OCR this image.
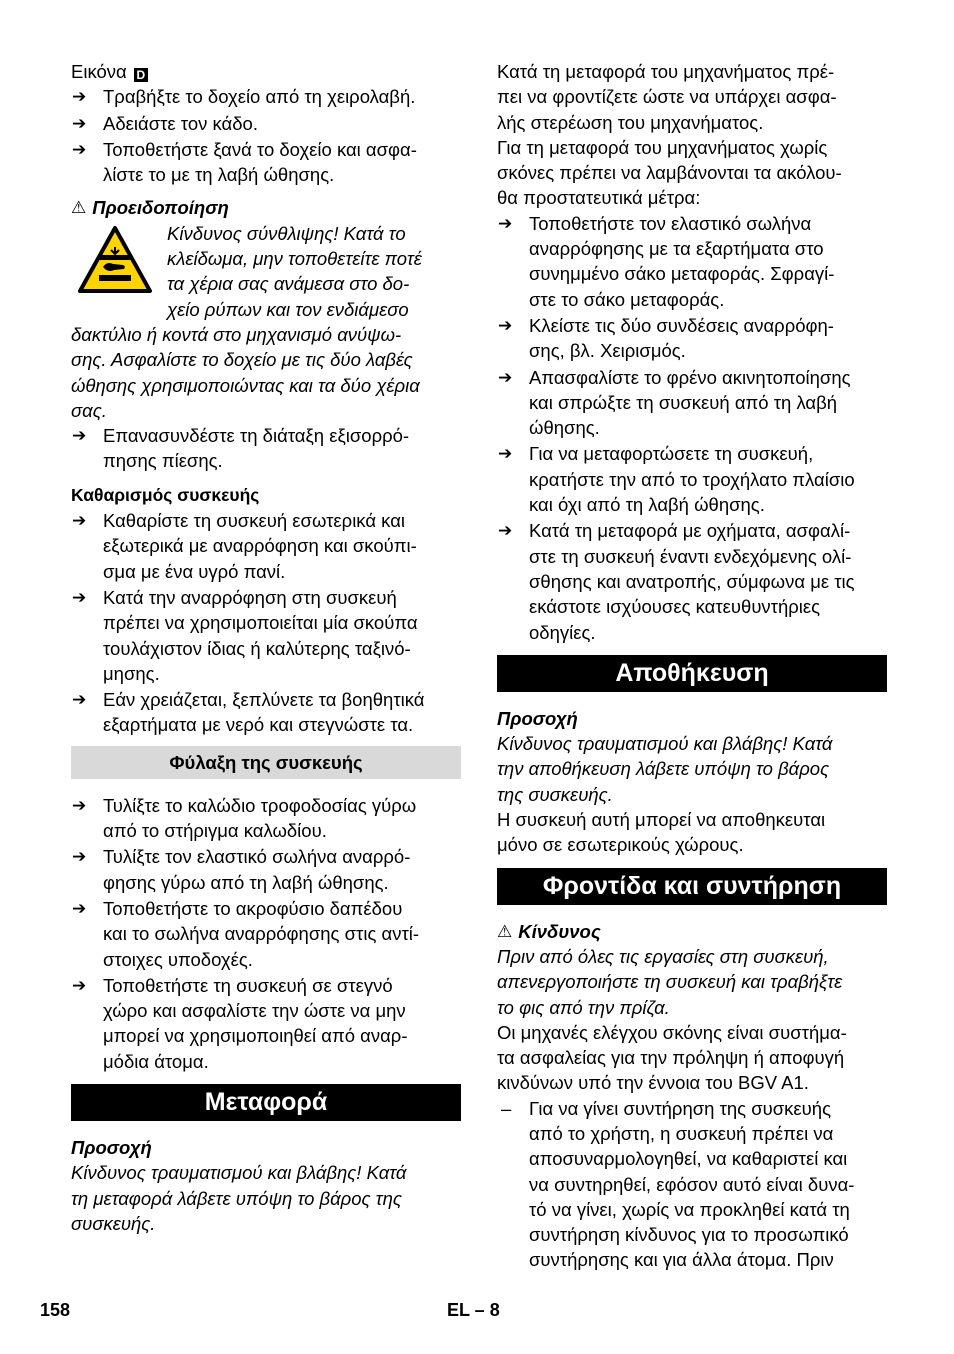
Εικόνα D

➔ Τραβήξτε το δοχείο από τη χειρολαβή.
➔ Αδειάστε τον κάδο.
➔ Τοποθετήστε ξανά το δοχείο και ασφα-
λίστε το με τη λαβή ώθησης.
⚠ Προειδοποίηση
Κίνδυνος σύνθλιψης! Κατά το
κλείδωμα, μην τοποθετείτε ποτέ
τα χέρια σας ανάμεσα στο δο-
χείο ρύπων και τον ενδιάμεσο
δακτύλιο ή κοντά στο μηχανισμό ανύψω-
σης. Ασφαλίστε το δοχείο με τις δύο λαβές
ώθησης χρησιμοποιώντας και τα δύο χέρια
σας.
➔ Επανασυνδέστε τη διάταξη εξισορρό-
πησης πίεσης.

Καθαρισμός συσκευής

➔ Καθαρίστε τη συσκευή εσωτερικά και
εξωτερικά με αναρρόφηση και σκούπι-
σμα με ένα υγρό πανί.
➔ Κατά την αναρρόφηση στη συσκευή
πρέπει να χρησιμοποιείται μία σκούπα
τουλάχιστον ίδιας ή καλύτερης ταξινό-
μησης.
➔ Εάν χρειάζεται, ξεπλύνετε τα βοηθητικά
εξαρτήματα με νερό και στεγνώστε τα.
Φύλαξη της συσκευής
➔ Τυλίξτε το καλώδιο τροφοδοσίας γύρω
από το στήριγμα καλωδίου.
➔ Τυλίξτε τον ελαστικό σωλήνα αναρρό-
φησης γύρω από τη λαβή ώθησης.
➔ Τοποθετήστε το ακροφύσιο δαπέδου
και το σωλήνα αναρρόφησης στις αντί-
στοιχες υποδοχές.
➔ Τοποθετήστε τη συσκευή σε στεγνό
χώρο και ασφαλίστε την ώστε να μην
μπορεί να χρησιμοποιηθεί από αναρ-
μόδια άτομα.
Μεταφορά

Προσοχή

Κίνδυνος τραυματισμού και βλάβης! Κατά
τη μεταφορά λάβετε υπόψη το βάρος της
συσκευής.
Κατά τη μεταφορά του μηχανήματος πρέ-
πει να φροντίζετε ώστε να υπάρχει ασφα-
λής στερέωση του μηχανήματος.
Για τη μεταφορά του μηχανήματος χωρίς
σκόνες πρέπει να λαμβάνονται τα ακόλου-
θα προστατευτικά μέτρα:
➔ Τοποθετήστε τον ελαστικό σωλήνα
αναρρόφησης με τα εξαρτήματα στο
συνημμένο σάκο μεταφοράς. Σφραγί-
στε το σάκο μεταφοράς.
➔ Κλείστε τις δύο συνδέσεις αναρρόφη-
σης, βλ. Χειρισμός.
➔ Απασφαλίστε το φρένο ακινητοποίησης
και σπρώξτε τη συσκευή από τη λαβή
ώθησης.
➔ Για να μεταφορτώσετε τη συσκευή,
κρατήστε την από το τροχήλατο πλαίσιο
και όχι από τη λαβή ώθησης.
➔ Κατά τη μεταφορά με οχήματα, ασφαλί-
στε τη συσκευή έναντι ενδεχόμενης ολί-
σθησης και ανατροπής, σύμφωνα με τις
εκάστοτε ισχύουσες κατευθυντήριες
οδηγίες.
Αποθήκευση

Προσοχή

Κίνδυνος τραυματισμού και βλάβης! Κατά
την αποθήκευση λάβετε υπόψη το βάρος
της συσκευής.
Η συσκευή αυτή μπορεί να αποθηκευται
μόνο σε εσωτερικούς χώρους.
Φροντίδα και συντήρηση
⚠ Κίνδυνος
Πριν από όλες τις εργασίες στη συσκευή,
απενεργοποιήστε τη συσκευή και τραβήξτε
το φις από την πρίζα.
Οι μηχανές ελέγχου σκόνης είναι συστήμα-
τα ασφαλείας για την πρόληψη ή αποφυγή
κινδύνων υπό την έννοια του BGV A1.
– Για να γίνει συντήρηση της συσκευής
από το χρήστη, η συσκευή πρέπει να
αποσυναρμολογηθεί, να καθαριστεί και
να συντηρηθεί, εφόσον αυτό είναι δυνα-
τό να γίνει, χωρίς να προκληθεί κατά τη
συντήρηση κίνδυνος για το προσωπικό
συντήρησης και για άλλα άτομα. Πριν
158	EL – 8
